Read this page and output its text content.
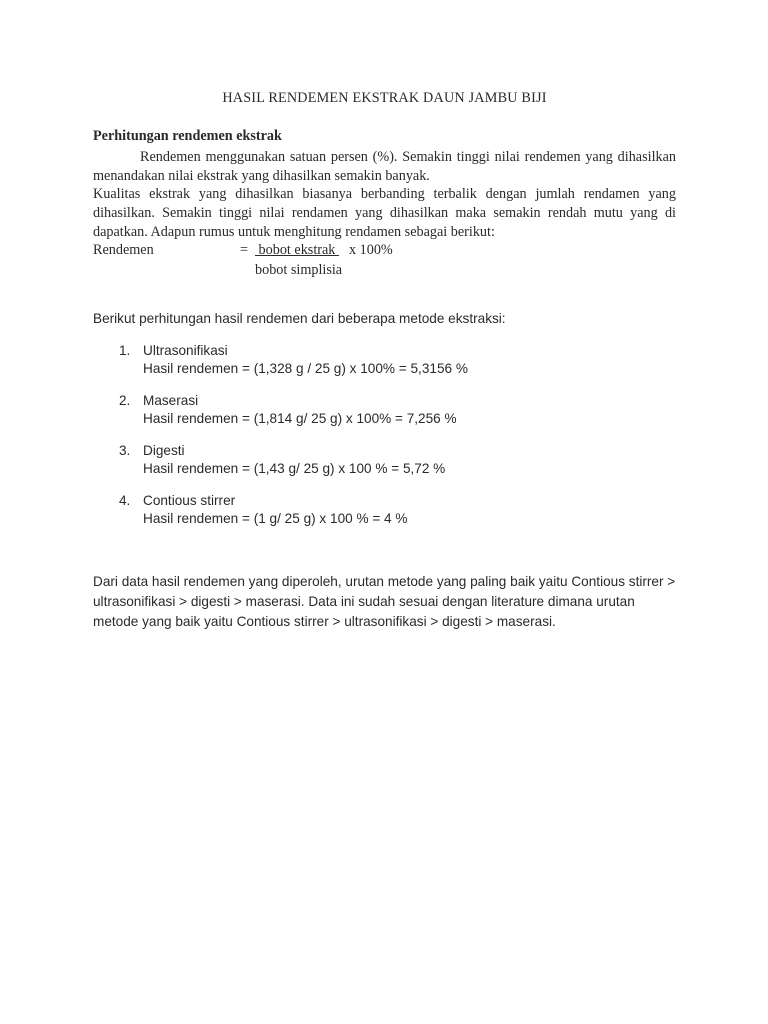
HASIL RENDEMEN EKSTRAK DAUN JAMBU BIJI
Perhitungan rendemen ekstrak
Rendemen menggunakan satuan persen (%). Semakin tinggi nilai rendemen yang dihasilkan menandakan nilai ekstrak yang dihasilkan semakin banyak.
Kualitas ekstrak yang dihasilkan biasanya berbanding terbalik dengan jumlah rendamen yang dihasilkan. Semakin tinggi nilai rendamen yang dihasilkan maka semakin rendah mutu yang di dapatkan. Adapun rumus untuk menghitung rendamen sebagai berikut:
Rendemen	= bobot ekstrak x 100%
bobot simplisia
Berikut perhitungan hasil rendemen dari beberapa metode ekstraksi:
1. Ultrasonifikasi
Hasil rendemen = (1,328 g / 25 g) x 100% = 5,3156 %
2. Maserasi
Hasil rendemen = (1,814 g/ 25 g) x 100% = 7,256 %
3. Digesti
Hasil rendemen = (1,43 g/ 25 g) x 100 % = 5,72 %
4. Contious stirrer
Hasil rendemen = (1 g/ 25 g) x 100 % = 4 %
Dari data hasil rendemen yang diperoleh, urutan metode yang paling baik yaitu Contious stirrer > ultrasonifikasi > digesti > maserasi. Data ini sudah sesuai dengan literature dimana urutan metode yang baik yaitu Contious stirrer > ultrasonifikasi > digesti > maserasi.
